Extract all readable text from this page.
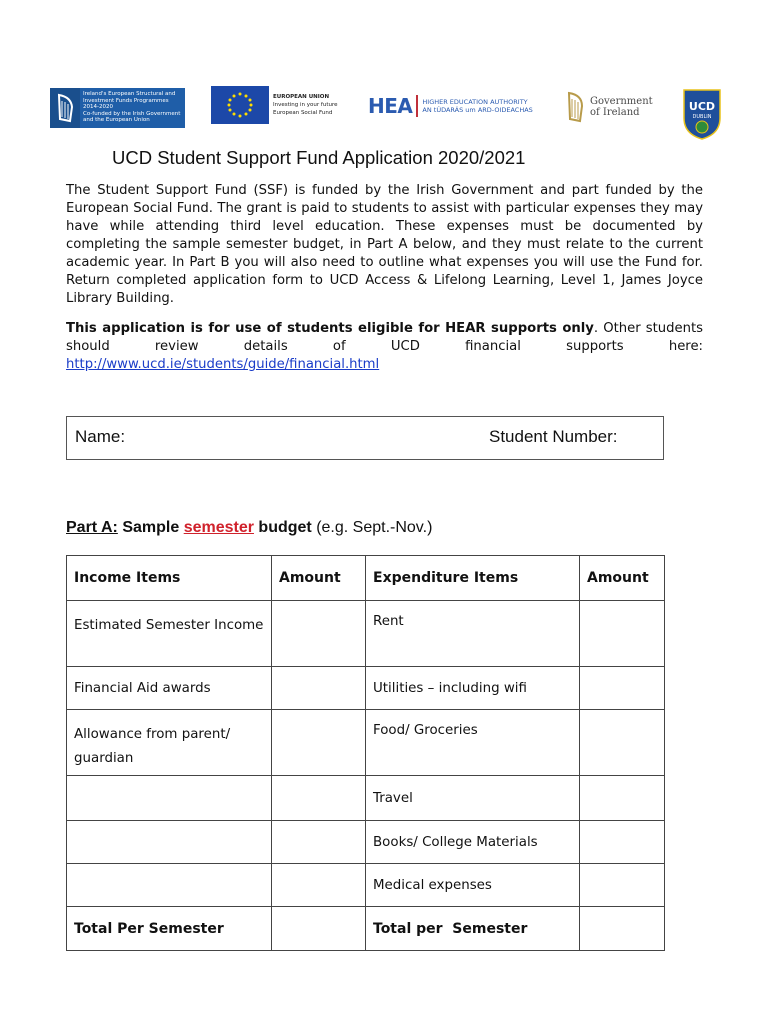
Ireland's European Structural and
Investment Funds Programmes
2014-2020
Co-funded by the Irish Government
and the European Union
EUROPEAN UNION
Investing in your future
European Social Fund HEA HIGHER EDUCATION AUTHORITY
AN tÚDARÁS um ARD-OIDEACHAS
Government
of Ireland	UCD
DUBLIN
UCD Student Support Fund Application 2020/2021
The Student Support Fund (SSF) is funded by the Irish Government and part funded by the European Social Fund. The grant is paid to students to assist with particular expenses they may have while attending third level education. These expenses must be documented by completing the sample semester budget, in Part A below, and they must relate to the current academic year. In Part B you will also need to outline what expenses you will use the Fund for. Return completed application form to UCD Access & Lifelong Learning, Level 1, James Joyce Library Building.
This application is for use of students eligible for HEAR supports only. Other students should review details of UCD financial supports here: http://www.ucd.ie/students/guide/financial.html
Name:	Student Number:
Part A: Sample semester budget (e.g. Sept.-Nov.)
Income Items	Amount	Expenditure Items	Amount
Estimated Semester Income		Rent	
Financial Aid awards		Utilities – including wifi	
Allowance from parent/ guardian		Food/ Groceries	
		Travel	
		Books/ College Materials	
		Medical expenses	
Total Per Semester		Total per  Semester	
